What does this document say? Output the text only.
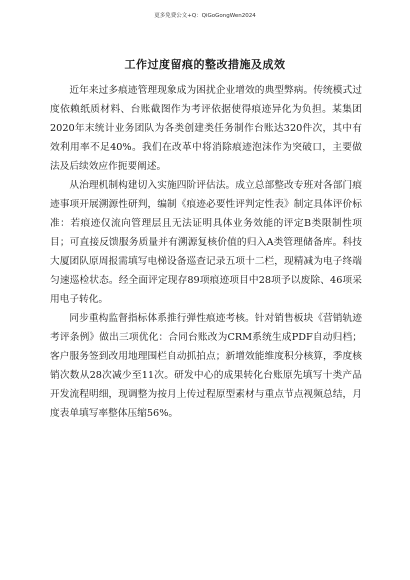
更多免费公文+Q：QiGoGongWen2024
工作过度留痕的整改措施及成效

近年来过多痕迹管理现象成为困扰企业增效的典型弊病。传统模式过度依赖纸质材料、台账截图作为考评依据使得痕迹异化为负担。某集团2020年末统计业务团队为各类创建类任务制作台账达320件次，其中有效利用率不足40%。我们在改革中将消除痕迹泡沫作为突破口，主要做法及后续效应作扼要阐述。

从治理机制构建切入实施四阶评估法。成立总部整改专班对各部门痕迹事项开展溯源性研判，编制《痕迹必要性评判定性表》制定具体评价标准：若痕迹仅流向管理层且无法证明具体业务效能的评定B类限制性项目；可直接反馈服务质量并有溯源复核价值的归入A类管理储备库。科技大厦团队原周报需填写电梯设备巡查记录五项十二栏，现精减为电子终端匀速巡检状态。经全面评定现存89项痕迹项目中28项予以废除、46项采用电子转化。

同步重构监督指标体系推行弹性痕迹考核。针对销售板块《营销轨迹考评条例》做出三项优化：合同台账改为CRM系统生成PDF自动归档；客户服务签到改用地理围栏自动抓拍点；新增效能维度积分核算，季度核销次数从28次减少至11次。研发中心的成果转化台账原先填写十类产品开发流程明细，现调整为按月上传过程原型素材与重点节点视频总结，月度表单填写率整体压缩56%。
